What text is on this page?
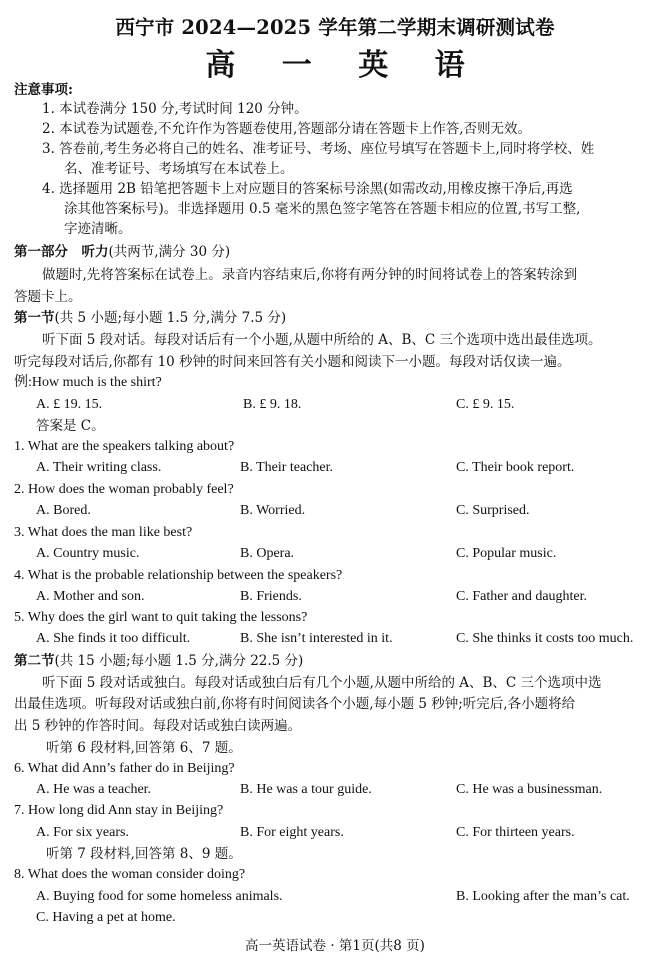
西宁市 2024—2025 学年第二学期末调研测试卷
高 一 英 语
注意事项:
1. 本试卷满分 150 分,考试时间 120 分钟。
2. 本试卷为试题卷,不允许作为答题卷使用,答题部分请在答题卡上作答,否则无效。
3. 答卷前,考生务必将自己的姓名、准考证号、考场、座位号填写在答题卡上,同时将学校、姓
名、准考证号、考场填写在本试卷上。
4. 选择题用 2B 铅笔把答题卡上对应题目的答案标号涂黑(如需改动,用橡皮擦干净后,再选
涂其他答案标号)。非选择题用 0.5 毫米的黑色签字笔答在答题卡相应的位置,书写工整,
字迹清晰。
第一部分　听力(共两节,满分 30 分)
做题时,先将答案标在试卷上。录音内容结束后,你将有两分钟的时间将试卷上的答案转涂到
答题卡上。
第一节(共 5 小题;每小题 1.5 分,满分 7.5 分)
听下面 5 段对话。每段对话后有一个小题,从题中所给的 A、B、C 三个选项中选出最佳选项。
听完每段对话后,你都有 10 秒钟的时间来回答有关小题和阅读下一小题。每段对话仅读一遍。
例:How much is the shirt?
A. £ 19. 15.	B. £ 9. 18.	C. £ 9. 15.
答案是 C。
1. What are the speakers talking about?
A. Their writing class.	B. Their teacher.	C. Their book report.
2. How does the woman probably feel?
A. Bored.	B. Worried.	C. Surprised.
3. What does the man like best?
A. Country music.	B. Opera.	C. Popular music.
4. What is the probable relationship between the speakers?
A. Mother and son.	B. Friends.	C. Father and daughter.
5. Why does the girl want to quit taking the lessons?
A. She finds it too difficult.	B. She isn’t interested in it.	C. She thinks it costs too much.
第二节(共 15 小题;每小题 1.5 分,满分 22.5 分)
听下面 5 段对话或独白。每段对话或独白后有几个小题,从题中所给的 A、B、C 三个选项中选
出最佳选项。听每段对话或独白前,你将有时间阅读各个小题,每小题 5 秒钟;听完后,各小题将给
出 5 秒钟的作答时间。每段对话或独白读两遍。
听第 6 段材料,回答第 6、7 题。
6. What did Ann’s father do in Beijing?
A. He was a teacher.	B. He was a tour guide.	C. He was a businessman.
7. How long did Ann stay in Beijing?
A. For six years.	B. For eight years.	C. For thirteen years.
听第 7 段材料,回答第 8、9 题。
8. What does the woman consider doing?
A. Buying food for some homeless animals.	B. Looking after the man’s cat.
C. Having a pet at home.
高一英语试卷 · 第1页(共8 页)
